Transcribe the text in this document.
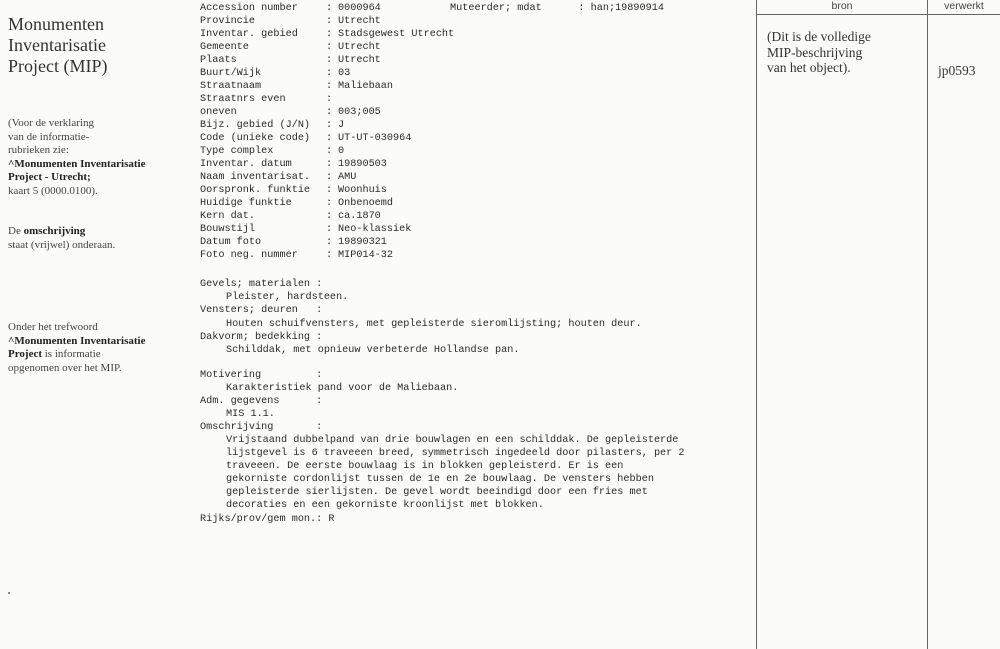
Monumenten
Inventarisatie
Project (MIP)
(Voor de verklaring
van de informatie-
rubrieken zie:
^Monumenten Inventarisatie
Project - Utrecht;
kaart 5 (0000.0100).
De omschrijving
staat (vrijwel) onderaan.
Onder het trefwoord
^Monumenten Inventarisatie
Project is informatie
opgenomen over het MIP.
Accession number	: 0000964	Muteerder; mdat      : han;19890914
Provincie	: Utrecht
Inventar. gebied	: Stadsgewest Utrecht
Gemeente	: Utrecht
Plaats	: Utrecht
Buurt/Wijk	: 03
Straatnaam	: Maliebaan
Straatnrs even	:
oneven	: 003;005
Bijz. gebied (J/N) : J
Code (unieke code) : UT-UT-030964
Type complex	: 0
Inventar. datum	: 19890503
Naam inventarisat. : AMU
Oorspronk. funktie : Woonhuis
Huidige funktie	: Onbenoemd
Kern dat.	: ca.1870
Bouwstijl	: Neo-klassiek
Datum foto	: 19890321
Foto neg. nummer	: MIP014-32
Gevels; materialen :
Pleister, hardsteen.
Vensters; deuren   :
Houten schuifvensters, met gepleisterde sieromlijsting; houten deur.
Dakvorm; bedekking :
Schilddak, met opnieuw verbeterde Hollandse pan.
Motivering         :
Karakteristiek pand voor de Maliebaan.
Adm. gegevens      :
MIS 1.1.
Omschrijving       :
Vrijstaand dubbelpand van drie bouwlagen en een schilddak. De gepleisterde
lijstgevel is 6 traveeen breed, symmetrisch ingedeeld door pilasters, per 2
traveeen. De eerste bouwlaag is in blokken gepleisterd. Er is een
gekorniste cordonlijst tussen de 1e en 2e bouwlaag. De vensters hebben
gepleisterde sierlijsten. De gevel wordt beeindigd door een fries met
decoraties en een gekorniste kroonlijst met blokken.
Rijks/prov/gem mon.: R
bron	verwerkt
(Dit is de volledige
MIP-beschrijving
van het object).	jp0593
